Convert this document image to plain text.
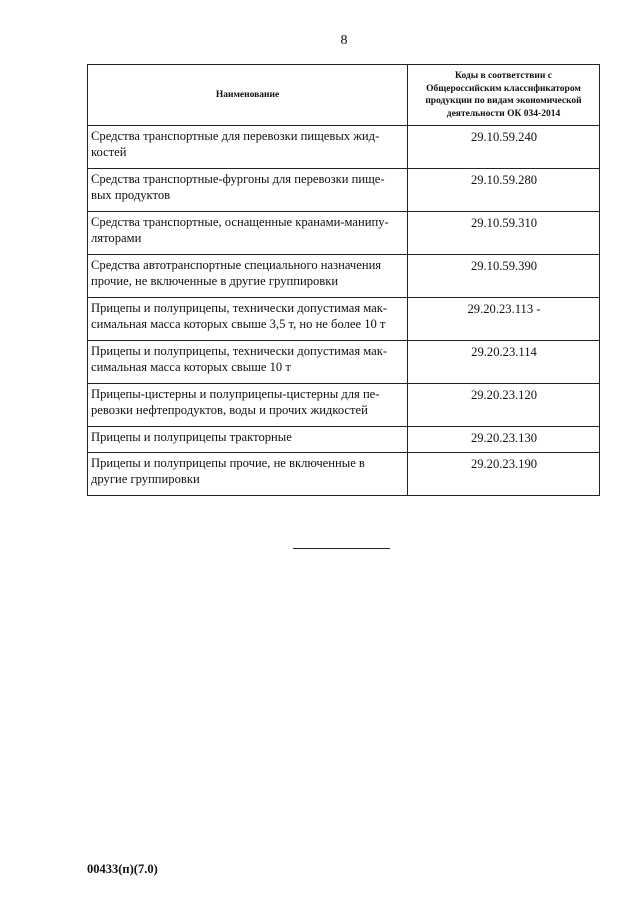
8
Наименование	Коды в соответствии с
Общероссийским классификатором
продукции по видам экономической
деятельности ОК 034-2014

Средства транспортные для перевозки пищевых жид-
костей	29.10.59.240

Средства транспортные-фургоны для перевозки пище-
вых продуктов	29.10.59.280

Средства транспортные, оснащенные кранами-манипу-
ляторами	29.10.59.310

Средства автотранспортные специального назначения
прочие, не включенные в другие группировки	29.10.59.390

Прицепы и полуприцепы, технически допустимая мак-
симальная масса которых свыше 3,5 т, но не более 10 т	29.20.23.113 -

Прицепы и полуприцепы, технически допустимая мак-
симальная масса которых свыше 10 т	29.20.23.114

Прицепы-цистерны и полуприцепы-цистерны для пе-
ревозки нефтепродуктов, воды и прочих жидкостей	29.20.23.120

Прицепы и полуприцепы тракторные	29.20.23.130

Прицепы и полуприцепы прочие, не включенные в
другие группировки	29.20.23.190
00433(п)(7.0)
